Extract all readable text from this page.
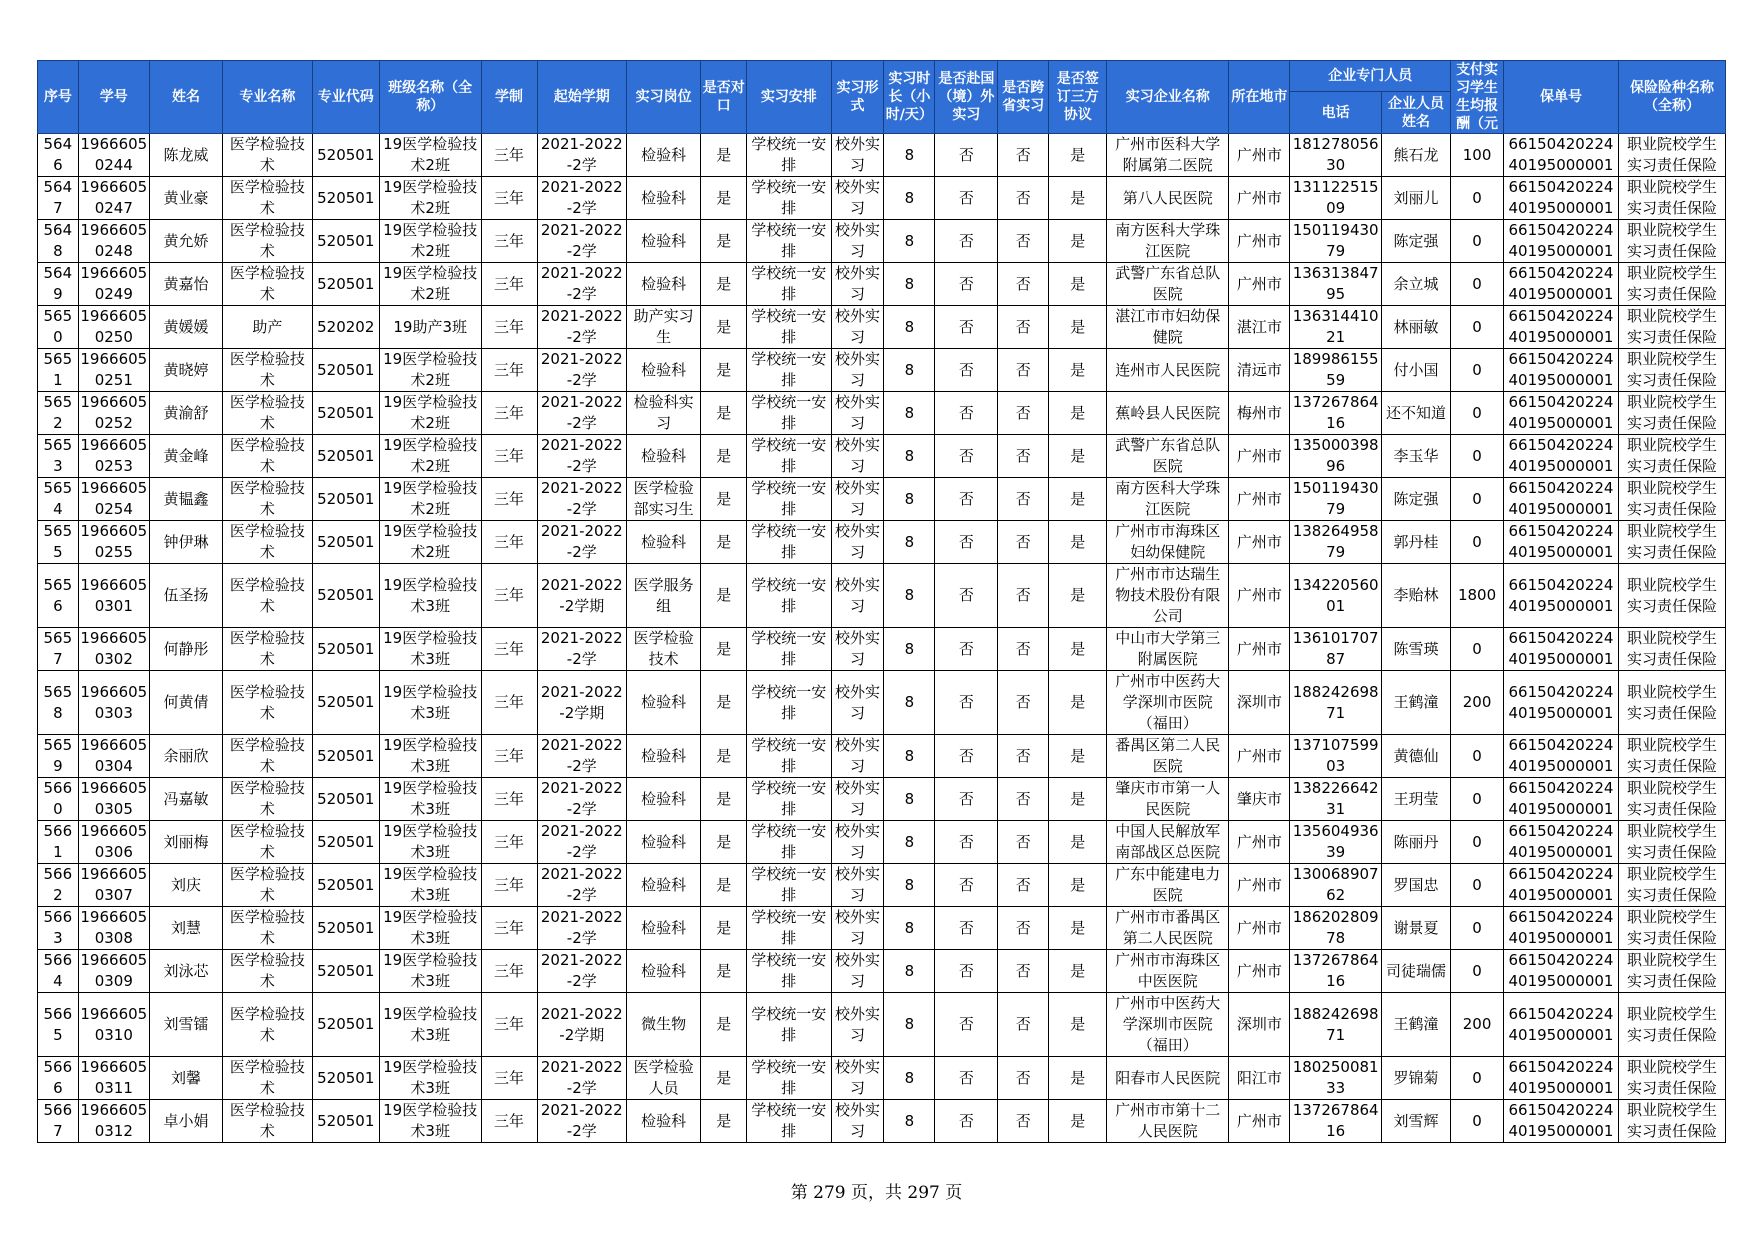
序号	学号	姓名	专业名称	专业代码	班级名称（全称）	学制	起始学期	实习岗位	是否对口	实习安排	实习形式	实习时长（小时/天）	是否赴国（境）外实习	是否跨省实习	是否签订三方协议	实习企业名称	所在地市	企业专门人员		支付实习学生生均报酬（元	保单号	保险险种名称（全称）
																		电话	企业人员姓名			

5646	19666050244	陈龙威	医学检验技术	520501	19医学检验技术2班	三年	2021-2022-2学	检验科	是	学校统一安排	校外实习	8	否	否	是	广州市医科大学附属第二医院	广州市	18127805630	熊石龙	100	6615042022440195000001	职业院校学生实习责任保险

5647	19666050247	黄业豪	医学检验技术	520501	19医学检验技术2班	三年	2021-2022-2学	检验科	是	学校统一安排	校外实习	8	否	否	是	第八人民医院	广州市	13112251509	刘丽儿	0	6615042022440195000001	职业院校学生实习责任保险

5648	19666050248	黄允娇	医学检验技术	520501	19医学检验技术2班	三年	2021-2022-2学	检验科	是	学校统一安排	校外实习	8	否	否	是	南方医科大学珠江医院	广州市	15011943079	陈定强	0	6615042022440195000001	职业院校学生实习责任保险

5649	19666050249	黄嘉怡	医学检验技术	520501	19医学检验技术2班	三年	2021-2022-2学	检验科	是	学校统一安排	校外实习	8	否	否	是	武警广东省总队医院	广州市	13631384795	余立城	0	6615042022440195000001	职业院校学生实习责任保险

5650	19666050250	黄媛媛	助产	520202	19助产3班	三年	2021-2022-2学	助产实习生	是	学校统一安排	校外实习	8	否	否	是	湛江市市妇幼保健院	湛江市	13631441021	林丽敏	0	6615042022440195000001	职业院校学生实习责任保险

5651	19666050251	黄晓婷	医学检验技术	520501	19医学检验技术2班	三年	2021-2022-2学	检验科	是	学校统一安排	校外实习	8	否	否	是	连州市人民医院	清远市	18998615559	付小国	0	6615042022440195000001	职业院校学生实习责任保险

5652	19666050252	黄渝舒	医学检验技术	520501	19医学检验技术2班	三年	2021-2022-2学	检验科实习	是	学校统一安排	校外实习	8	否	否	是	蕉岭县人民医院	梅州市	13726786416	还不知道	0	6615042022440195000001	职业院校学生实习责任保险

5653	19666050253	黄金峰	医学检验技术	520501	19医学检验技术2班	三年	2021-2022-2学	检验科	是	学校统一安排	校外实习	8	否	否	是	武警广东省总队医院	广州市	13500039896	李玉华	0	6615042022440195000001	职业院校学生实习责任保险

5654	19666050254	黄韫鑫	医学检验技术	520501	19医学检验技术2班	三年	2021-2022-2学	医学检验部实习生	是	学校统一安排	校外实习	8	否	否	是	南方医科大学珠江医院	广州市	15011943079	陈定强	0	6615042022440195000001	职业院校学生实习责任保险

5655	19666050255	钟伊琳	医学检验技术	520501	19医学检验技术2班	三年	2021-2022-2学	检验科	是	学校统一安排	校外实习	8	否	否	是	广州市市海珠区妇幼保健院	广州市	13826495879	郭丹桂	0	6615042022440195000001	职业院校学生实习责任保险

5656	19666050301	伍圣扬	医学检验技术	520501	19医学检验技术3班	三年	2021-2022-2学期	医学服务组	是	学校统一安排	校外实习	8	否	否	是	广州市市达瑞生物技术股份有限公司	广州市	13422056001	李贻林	1800	6615042022440195000001	职业院校学生实习责任保险

5657	19666050302	何静彤	医学检验技术	520501	19医学检验技术3班	三年	2021-2022-2学	医学检验技术	是	学校统一安排	校外实习	8	否	否	是	中山市大学第三附属医院	广州市	13610170787	陈雪瑛	0	6615042022440195000001	职业院校学生实习责任保险

5658	19666050303	何黄倩	医学检验技术	520501	19医学检验技术3班	三年	2021-2022-2学期	检验科	是	学校统一安排	校外实习	8	否	否	是	广州市中医药大学深圳市医院（福田）	深圳市	18824269871	王鹤潼	200	6615042022440195000001	职业院校学生实习责任保险

5659	19666050304	余丽欣	医学检验技术	520501	19医学检验技术3班	三年	2021-2022-2学	检验科	是	学校统一安排	校外实习	8	否	否	是	番禺区第二人民医院	广州市	13710759903	黄德仙	0	6615042022440195000001	职业院校学生实习责任保险

5660	19666050305	冯嘉敏	医学检验技术	520501	19医学检验技术3班	三年	2021-2022-2学	检验科	是	学校统一安排	校外实习	8	否	否	是	肇庆市市第一人民医院	肇庆市	13822664231	王玥莹	0	6615042022440195000001	职业院校学生实习责任保险

5661	19666050306	刘丽梅	医学检验技术	520501	19医学检验技术3班	三年	2021-2022-2学	检验科	是	学校统一安排	校外实习	8	否	否	是	中国人民解放军南部战区总医院	广州市	13560493639	陈丽丹	0	6615042022440195000001	职业院校学生实习责任保险

5662	19666050307	刘庆	医学检验技术	520501	19医学检验技术3班	三年	2021-2022-2学	检验科	是	学校统一安排	校外实习	8	否	否	是	广东中能建电力医院	广州市	13006890762	罗国忠	0	6615042022440195000001	职业院校学生实习责任保险

5663	19666050308	刘慧	医学检验技术	520501	19医学检验技术3班	三年	2021-2022-2学	检验科	是	学校统一安排	校外实习	8	否	否	是	广州市市番禺区第二人民医院	广州市	18620280978	谢景夏	0	6615042022440195000001	职业院校学生实习责任保险

5664	19666050309	刘泳芯	医学检验技术	520501	19医学检验技术3班	三年	2021-2022-2学	检验科	是	学校统一安排	校外实习	8	否	否	是	广州市市海珠区中医医院	广州市	13726786416	司徒瑞儒	0	6615042022440195000001	职业院校学生实习责任保险

5665	19666050310	刘雪镭	医学检验技术	520501	19医学检验技术3班	三年	2021-2022-2学期	微生物	是	学校统一安排	校外实习	8	否	否	是	广州市中医药大学深圳市医院（福田）	深圳市	18824269871	王鹤潼	200	6615042022440195000001	职业院校学生实习责任保险

5666	19666050311	刘馨	医学检验技术	520501	19医学检验技术3班	三年	2021-2022-2学	医学检验人员	是	学校统一安排	校外实习	8	否	否	是	阳春市人民医院	阳江市	18025008133	罗锦菊	0	6615042022440195000001	职业院校学生实习责任保险

5667	19666050312	卓小娟	医学检验技术	520501	19医学检验技术3班	三年	2021-2022-2学	检验科	是	学校统一安排	校外实习	8	否	否	是	广州市市第十二人民医院	广州市	13726786416	刘雪辉	0	6615042022440195000001	职业院校学生实习责任保险
第 279 页，共 297 页
